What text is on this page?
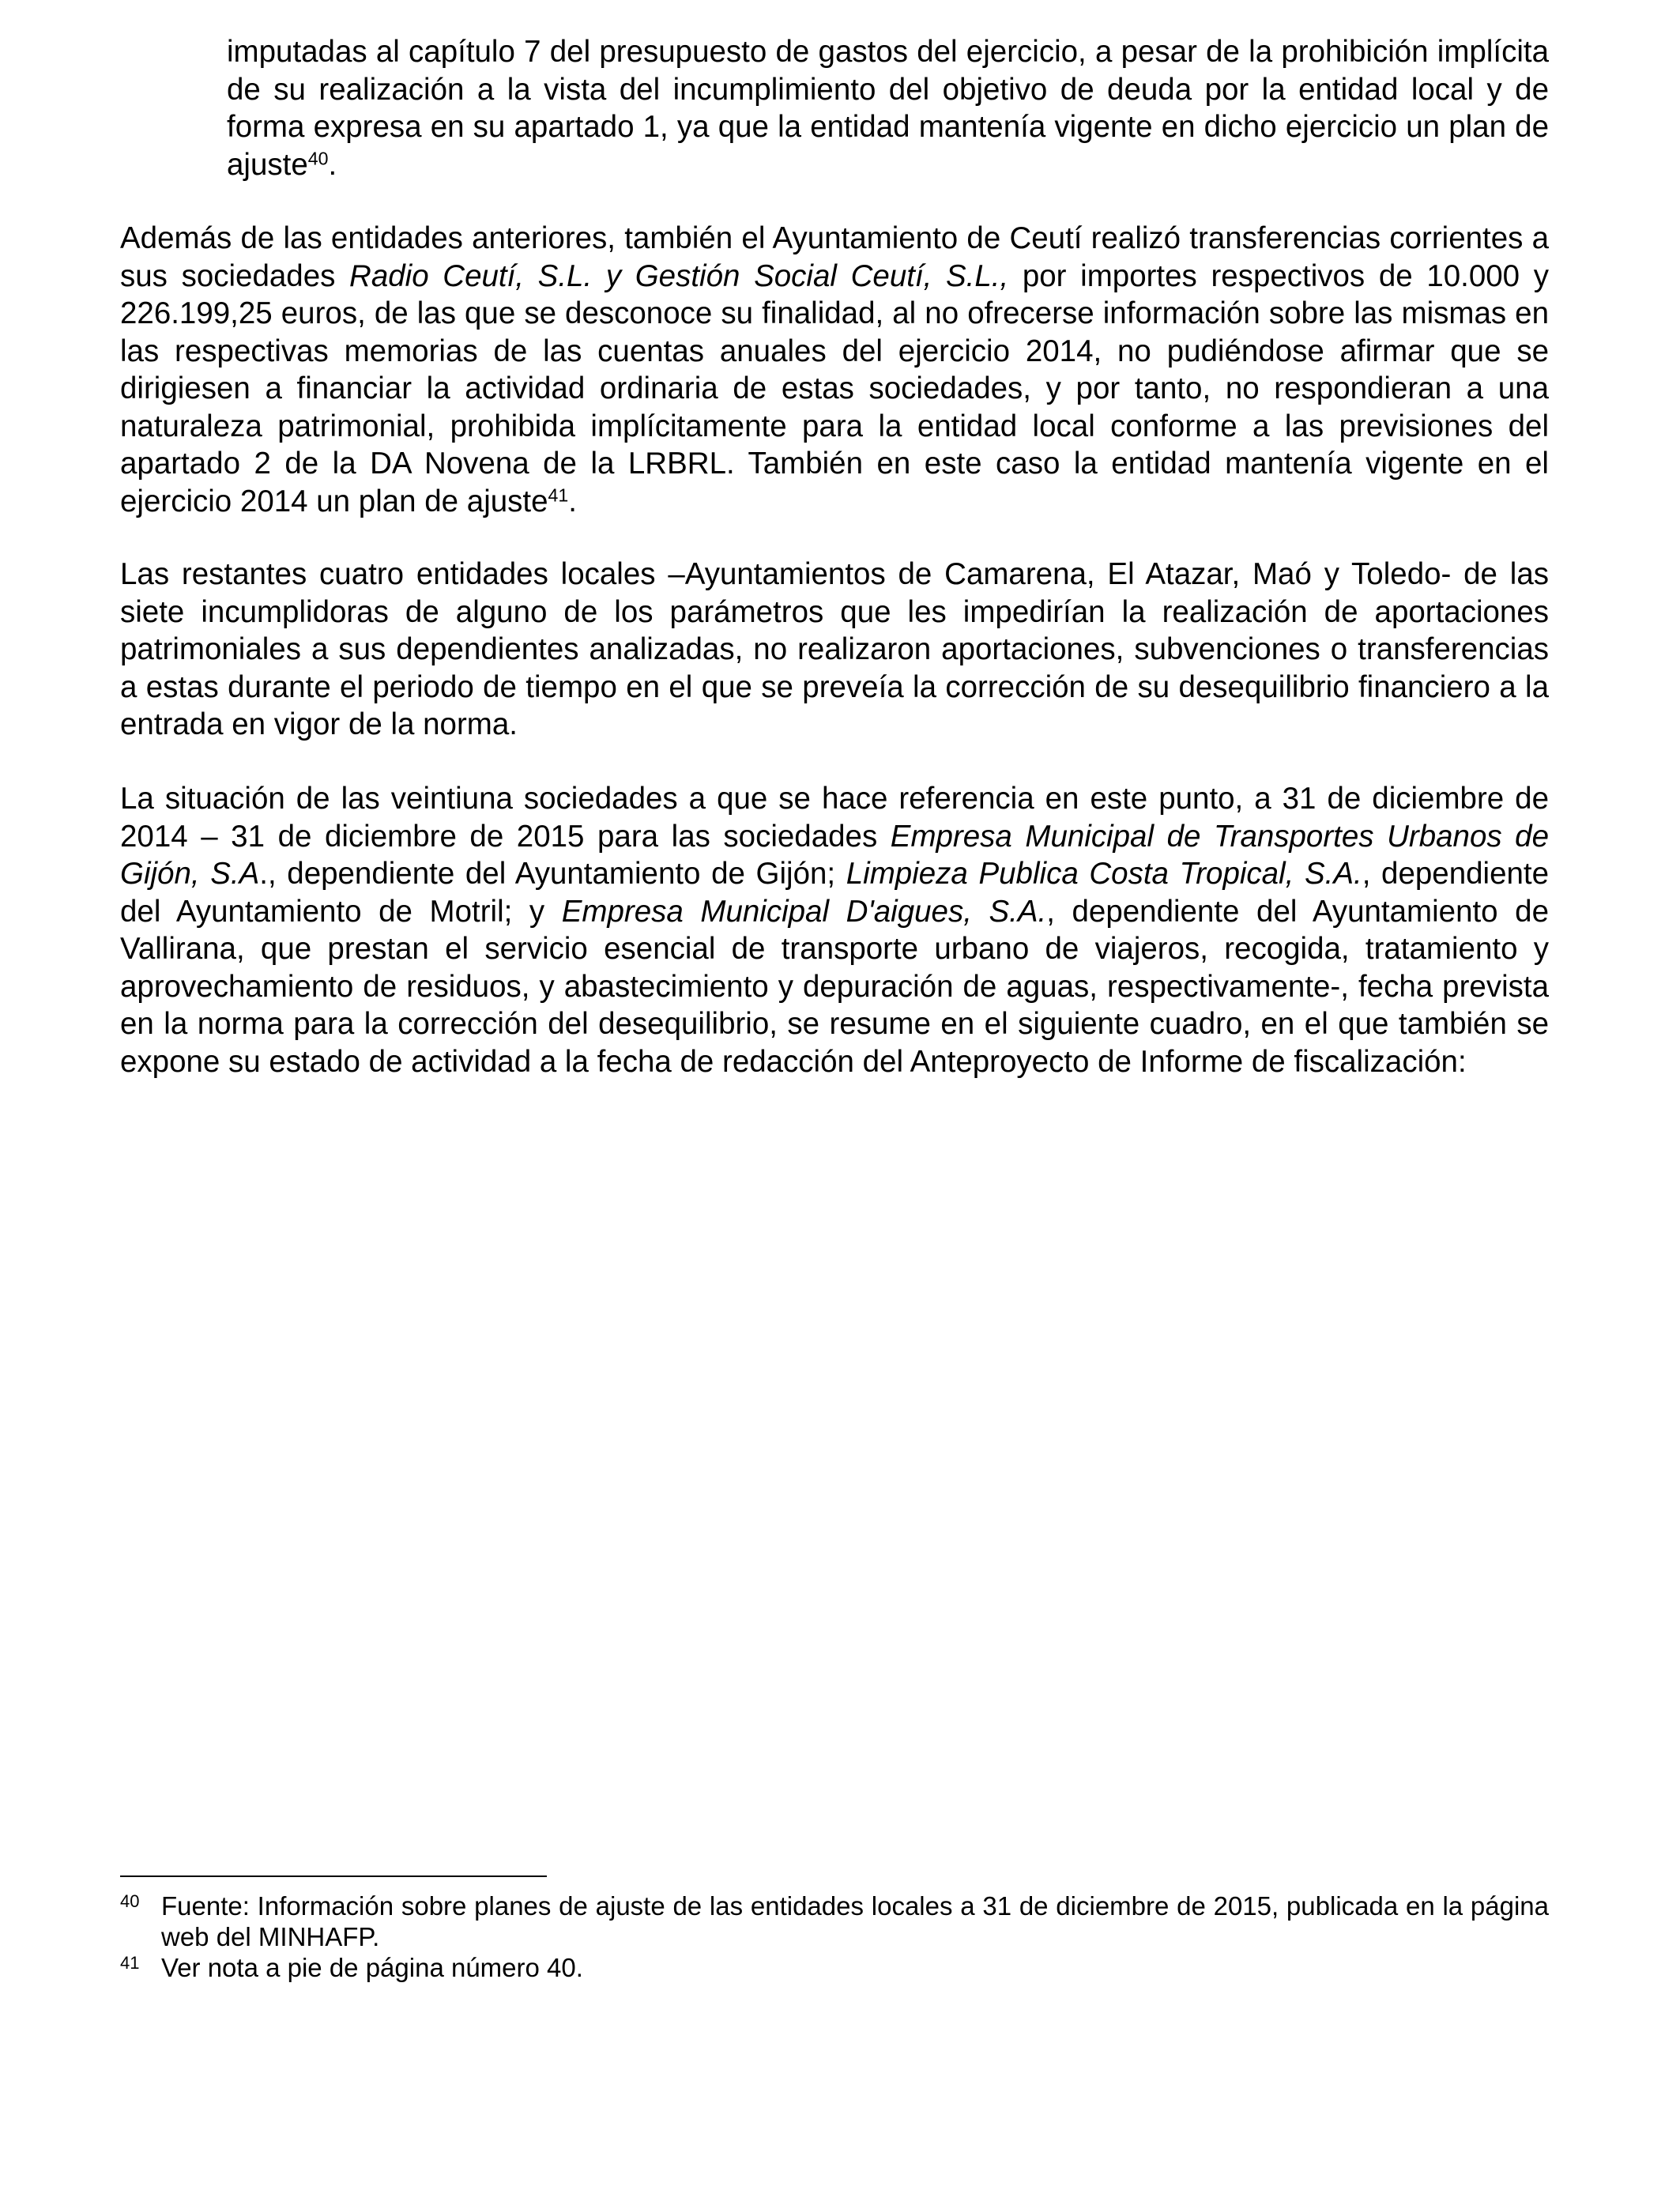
imputadas al capítulo 7 del presupuesto de gastos del ejercicio, a pesar de la prohibición implícita de su realización a la vista del incumplimiento del objetivo de deuda por la entidad local y de forma expresa en su apartado 1, ya que la entidad mantenía vigente en dicho ejercicio un plan de ajuste$^{40}$.

Además de las entidades anteriores, también el Ayuntamiento de Ceutí realizó transferencias corrientes a sus sociedades Radio Ceutí, S.L. y Gestión Social Ceutí, S.L., por importes respectivos de 10.000 y 226.199,25 euros, de las que se desconoce su finalidad, al no ofrecerse información sobre las mismas en las respectivas memorias de las cuentas anuales del ejercicio 2014, no pudiéndose afirmar que se dirigiesen a financiar la actividad ordinaria de estas sociedades, y por tanto, no respondieran a una naturaleza patrimonial, prohibida implícitamente para la entidad local conforme a las previsiones del apartado 2 de la DA Novena de la LRBRL. También en este caso la entidad mantenía vigente en el ejercicio 2014 un plan de ajuste$^{41}$.

Las restantes cuatro entidades locales –Ayuntamientos de Camarena, El Atazar, Maó y Toledo- de las siete incumplidoras de alguno de los parámetros que les impedirían la realización de aportaciones patrimoniales a sus dependientes analizadas, no realizaron aportaciones, subvenciones o transferencias a estas durante el periodo de tiempo en el que se preveía la corrección de su desequilibrio financiero a la entrada en vigor de la norma.

La situación de las veintiuna sociedades a que se hace referencia en este punto, a 31 de diciembre de 2014 – 31 de diciembre de 2015 para las sociedades Empresa Municipal de Transportes Urbanos de Gijón, S.A., dependiente del Ayuntamiento de Gijón; Limpieza Publica Costa Tropical, S.A., dependiente del Ayuntamiento de Motril; y Empresa Municipal D'aigues, S.A., dependiente del Ayuntamiento de Vallirana, que prestan el servicio esencial de transporte urbano de viajeros, recogida, tratamiento y aprovechamiento de residuos, y abastecimiento y depuración de aguas, respectivamente-, fecha prevista en la norma para la corrección del desequilibrio, se resume en el siguiente cuadro, en el que también se expone su estado de actividad a la fecha de redacción del Anteproyecto de Informe de fiscalización:

40 Fuente: Información sobre planes de ajuste de las entidades locales a 31 de diciembre de 2015, publicada en la página web del MINHAFP.
41 Ver nota a pie de página número 40.
